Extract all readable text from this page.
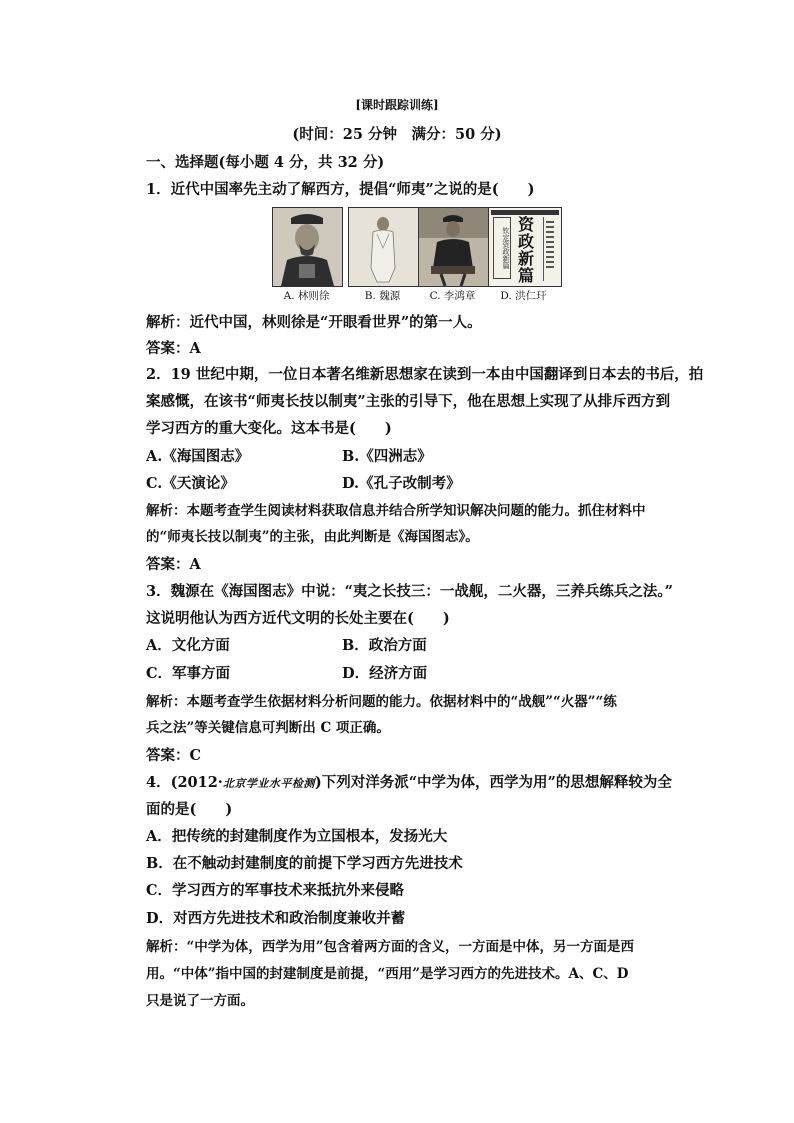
[课时跟踪训练]
(时间：25 分钟　满分：50 分)
一、选择题(每小题 4 分，共 32 分)
1．近代中国率先主动了解西方，提倡“师夷”之说的是(　　)
A. 林则徐	B. 魏源	C. 李鸿章
钦定资政新篇
资政新篇
D. 洪仁玕
解析：近代中国，林则徐是“开眼看世界”的第一人。
答案：A
2．19 世纪中期，一位日本著名维新思想家在读到一本由中国翻译到日本去的书后，拍
案感慨，在该书“师夷长技以制夷”主张的引导下，他在思想上实现了从排斥西方到
学习西方的重大变化。这本书是(　　)
A.《海国图志》	B.《四洲志》
C.《天演论》	D.《孔子改制考》
解析：本题考查学生阅读材料获取信息并结合所学知识解决问题的能力。抓住材料中
的“师夷长技以制夷”的主张，由此判断是《海国图志》。
答案：A
3．魏源在《海国图志》中说：“夷之长技三：一战舰，二火器，三养兵练兵之法。”
这说明他认为西方近代文明的长处主要在(　　)
A．文化方面	B．政治方面
C．军事方面	D．经济方面
解析：本题考查学生依据材料分析问题的能力。依据材料中的“战舰”“火器”“练
兵之法”等关键信息可判断出 C 项正确。
答案：C
4．(2012·北京学业水平检测)下列对洋务派“中学为体，西学为用”的思想解释较为全
面的是(　　)
A．把传统的封建制度作为立国根本，发扬光大
B．在不触动封建制度的前提下学习西方先进技术
C．学习西方的军事技术来抵抗外来侵略
D．对西方先进技术和政治制度兼收并蓄
解析：“中学为体，西学为用”包含着两方面的含义，一方面是中体，另一方面是西
用。“中体”指中国的封建制度是前提，“西用”是学习西方的先进技术。A、C、D
只是说了一方面。
